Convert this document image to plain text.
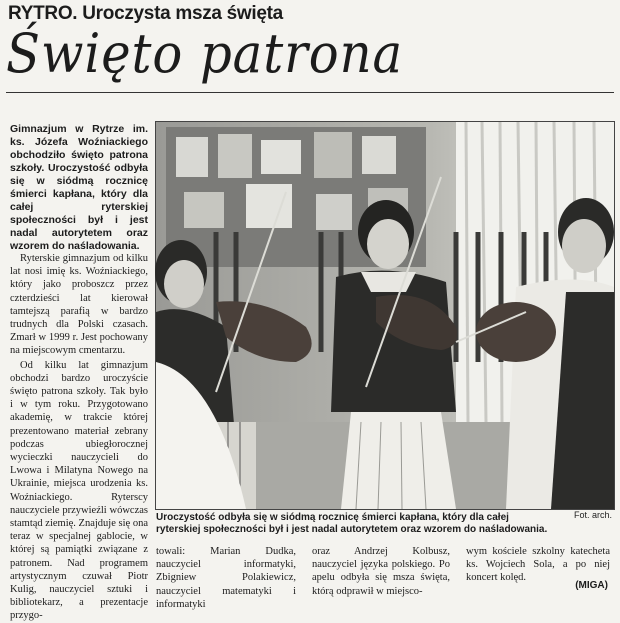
RYTRO. Uroczysta msza święta
Święto patrona

Gimnazjum w Rytrze im. ks. Józefa Woźniackiego obchodziło święto patrona szkoły. Uroczystość odbyła się w siódmą rocznicę śmierci kapłana, który dla całej ryterskiej społeczności był i jest nadal autorytetem oraz wzorem do naśladowania.

Ryterskie gimnazjum od kilku lat nosi imię ks. Woźniackiego, który jako proboszcz przez czterdzieści lat kierował tamtejszą parafią w bardzo trudnych dla Polski czasach. Zmarł w 1999 r. Jest pochowany na miejscowym cmentarzu.

Od kilku lat gimnazjum obchodzi bardzo uroczyście święto patrona szkoły. Tak było i w tym roku. Przygotowano akademię, w trakcie której prezentowano materiał zebrany podczas ubiegłorocznej wycieczki nauczycieli do Lwowa i Milatyna Nowego na Ukrainie, miejsca urodzenia ks. Woźniackiego. Ryterscy nauczyciele przywieźli wówczas stamtąd ziemię. Znajduje się ona teraz w specjalnej gablocie, w której są pamiątki związane z patronem. Nad programem artystycznym czuwał Piotr Kulig, nauczyciel sztuki i bibliotekarz, a prezentacje przygo-

Fot. arch.

Uroczystość odbyła się w siódmą rocznicę śmierci kapłana, który dla całej ryterskiej społeczności był i jest nadal autorytetem oraz wzorem do naśladowania.

towali: Marian Dudka, nauczyciel informatyki, Zbigniew Polakiewicz, nauczyciel matematyki i informatyki

oraz Andrzej Kolbusz, nauczyciel języka polskiego. Po apelu odbyła się msza święta, którą odprawił w miejsco-

wym kościele szkolny katecheta ks. Wojciech Sola, a po niej koncert kolęd.

(MIGA)
